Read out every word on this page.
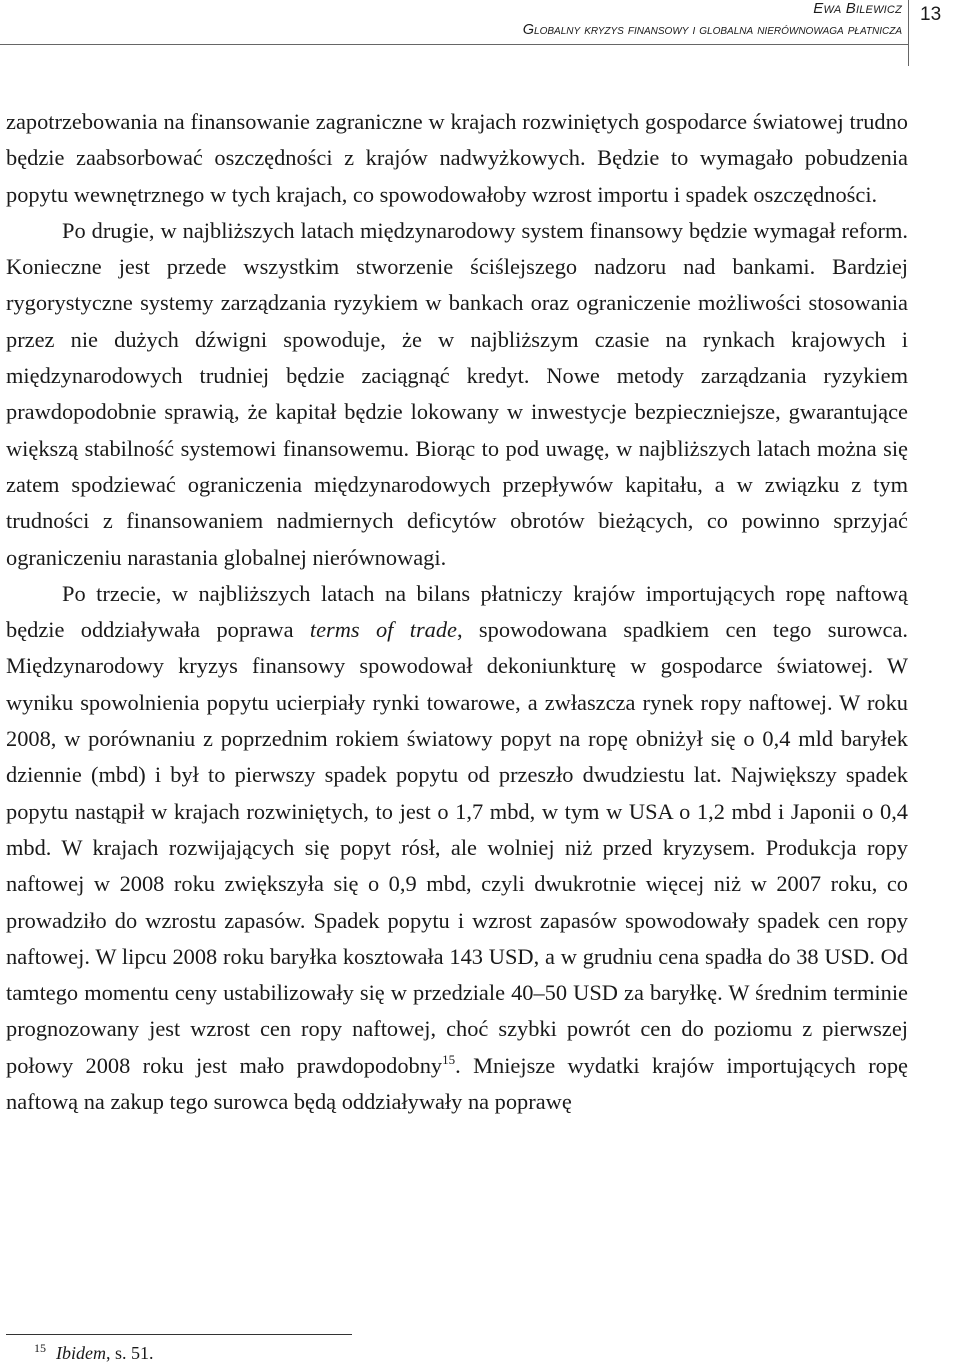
Ewa Bilewicz
Globalny kryzys finansowy i globalna nierównowaga płatnicza
13

zapotrzebowania na finansowanie zagraniczne w krajach rozwiniętych gospodarce światowej trudno będzie zaabsorbować oszczędności z krajów nadwyżkowych. Będzie to wymagało pobudzenia popytu wewnętrznego w tych krajach, co spowodowałoby wzrost importu i spadek oszczędności.

Po drugie, w najbliższych latach międzynarodowy system finansowy będzie wymagał reform. Konieczne jest przede wszystkim stworzenie ściślejszego nadzoru nad bankami. Bardziej rygorystyczne systemy zarządzania ryzykiem w bankach oraz ograniczenie możliwości stosowania przez nie dużych dźwigni spowoduje, że w najbliższym czasie na rynkach krajowych i międzynarodowych trudniej będzie zaciągnąć kredyt. Nowe metody zarządzania ryzykiem prawdopodobnie sprawią, że kapitał będzie lokowany w inwestycje bezpieczniejsze, gwarantujące większą stabilność systemowi finansowemu. Biorąc to pod uwagę, w najbliższych latach można się zatem spodziewać ograniczenia międzynarodowych przepływów kapitału, a w związku z tym trudności z finansowaniem nadmiernych deficytów obrotów bieżących, co powinno sprzyjać ograniczeniu narastania globalnej nierównowagi.

Po trzecie, w najbliższych latach na bilans płatniczy krajów importujących ropę naftową będzie oddziaływała poprawa terms of trade, spowodowana spadkiem cen tego surowca. Międzynarodowy kryzys finansowy spowodował dekoniunkturę w gospodarce światowej. W wyniku spowolnienia popytu ucierpiały rynki towarowe, a zwłaszcza rynek ropy naftowej. W roku 2008, w porównaniu z poprzednim rokiem światowy popyt na ropę obniżył się o 0,4 mld baryłek dziennie (mbd) i był to pierwszy spadek popytu od przeszło dwudziestu lat. Największy spadek popytu nastąpił w krajach rozwiniętych, to jest o 1,7 mbd, w tym w USA o 1,2 mbd i Japonii o 0,4 mbd. W krajach rozwijających się popyt rósł, ale wolniej niż przed kryzysem. Produkcja ropy naftowej w 2008 roku zwiększyła się o 0,9 mbd, czyli dwukrotnie więcej niż w 2007 roku, co prowadziło do wzrostu zapasów. Spadek popytu i wzrost zapasów spowodowały spadek cen ropy naftowej. W lipcu 2008 roku baryłka kosztowała 143 USD, a w grudniu cena spadła do 38 USD. Od tamtego momentu ceny ustabilizowały się w przedziale 40–50 USD za baryłkę. W średnim terminie prognozowany jest wzrost cen ropy naftowej, choć szybki powrót cen do poziomu z pierwszej połowy 2008 roku jest mało prawdopodobny$^{15}$. Mniejsze wydatki krajów importujących ropę naftową na zakup tego surowca będą oddziaływały na poprawę

$^{15}$ Ibidem, s. 51.
